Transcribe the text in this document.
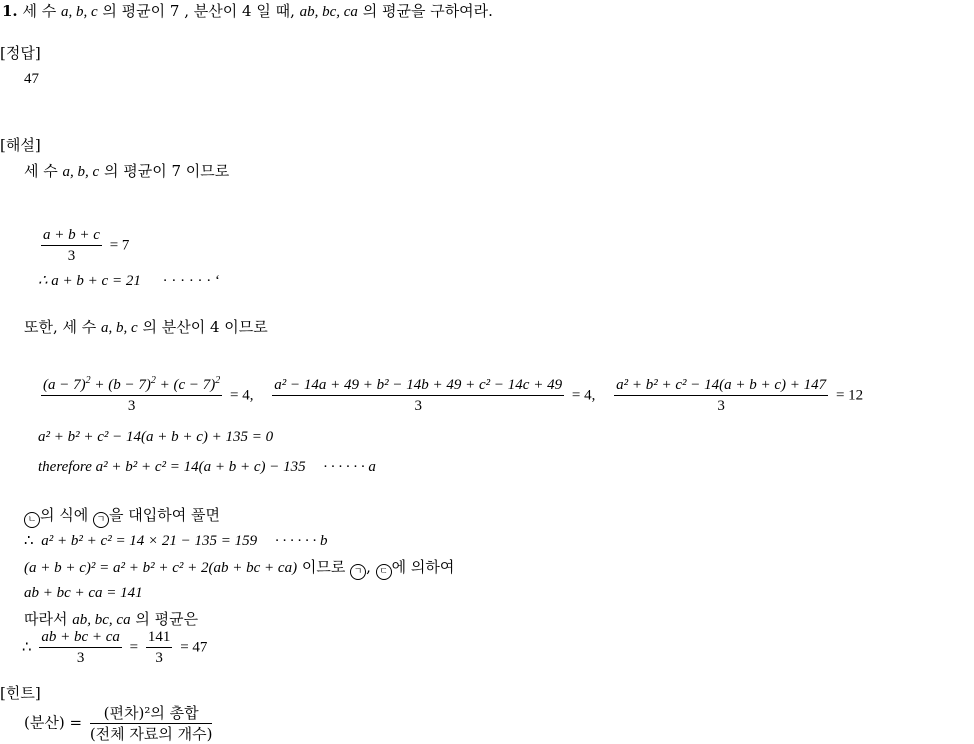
1. 세 수 a, b, c 의 평균이 7 , 분산이 4 일 때, ab, bc, ca 의 평균을 구하여라.
[정답]
47
[해설]
세 수 a, b, c 의 평균이 7 이므로
$\frac{a + b + c}{3} = 7$
∴ a + b + c = 21 · · · · · · ‘
또한, 세 수 a, b, c 의 분산이 4 이므로
$\frac{(a - 7)^2 + (b - 7)^2 + (c - 7)^2}{3} = 4$, $\frac{\text{a² − 14a + 49 + b² − 14b + 49 + c² − 14c + 49}}{3} = 4$, $\frac{\text{a² + b² + c² − 14(a + b + c) + 147}}{3} = 12$
a² + b² + c² − 14(a + b + c) + 135 = 0
therefore a² + b² + c² = 14(a + b + c) − 135 · · · · · · a
ㄴ 의 식에 ㄱ 을 대입하여 풀면
∴ a² + b² + c² = 14 × 21 − 135 = 159 · · · · · · b
(a + b + c)² = a² + b² + c² + 2(ab + bc + ca) 이므로 ㄱ , ㄷ 에 의하여
ab + bc + ca = 141
따라서 ab, bc, ca 의 평균은
∴ $\frac{ab + bc + ca}{3} = \frac{141}{3} = 47$
[힌트]
(분산) = $\frac{\text{(편차)²의 총합}}{\text{(전체 자료의 개수)}}$
